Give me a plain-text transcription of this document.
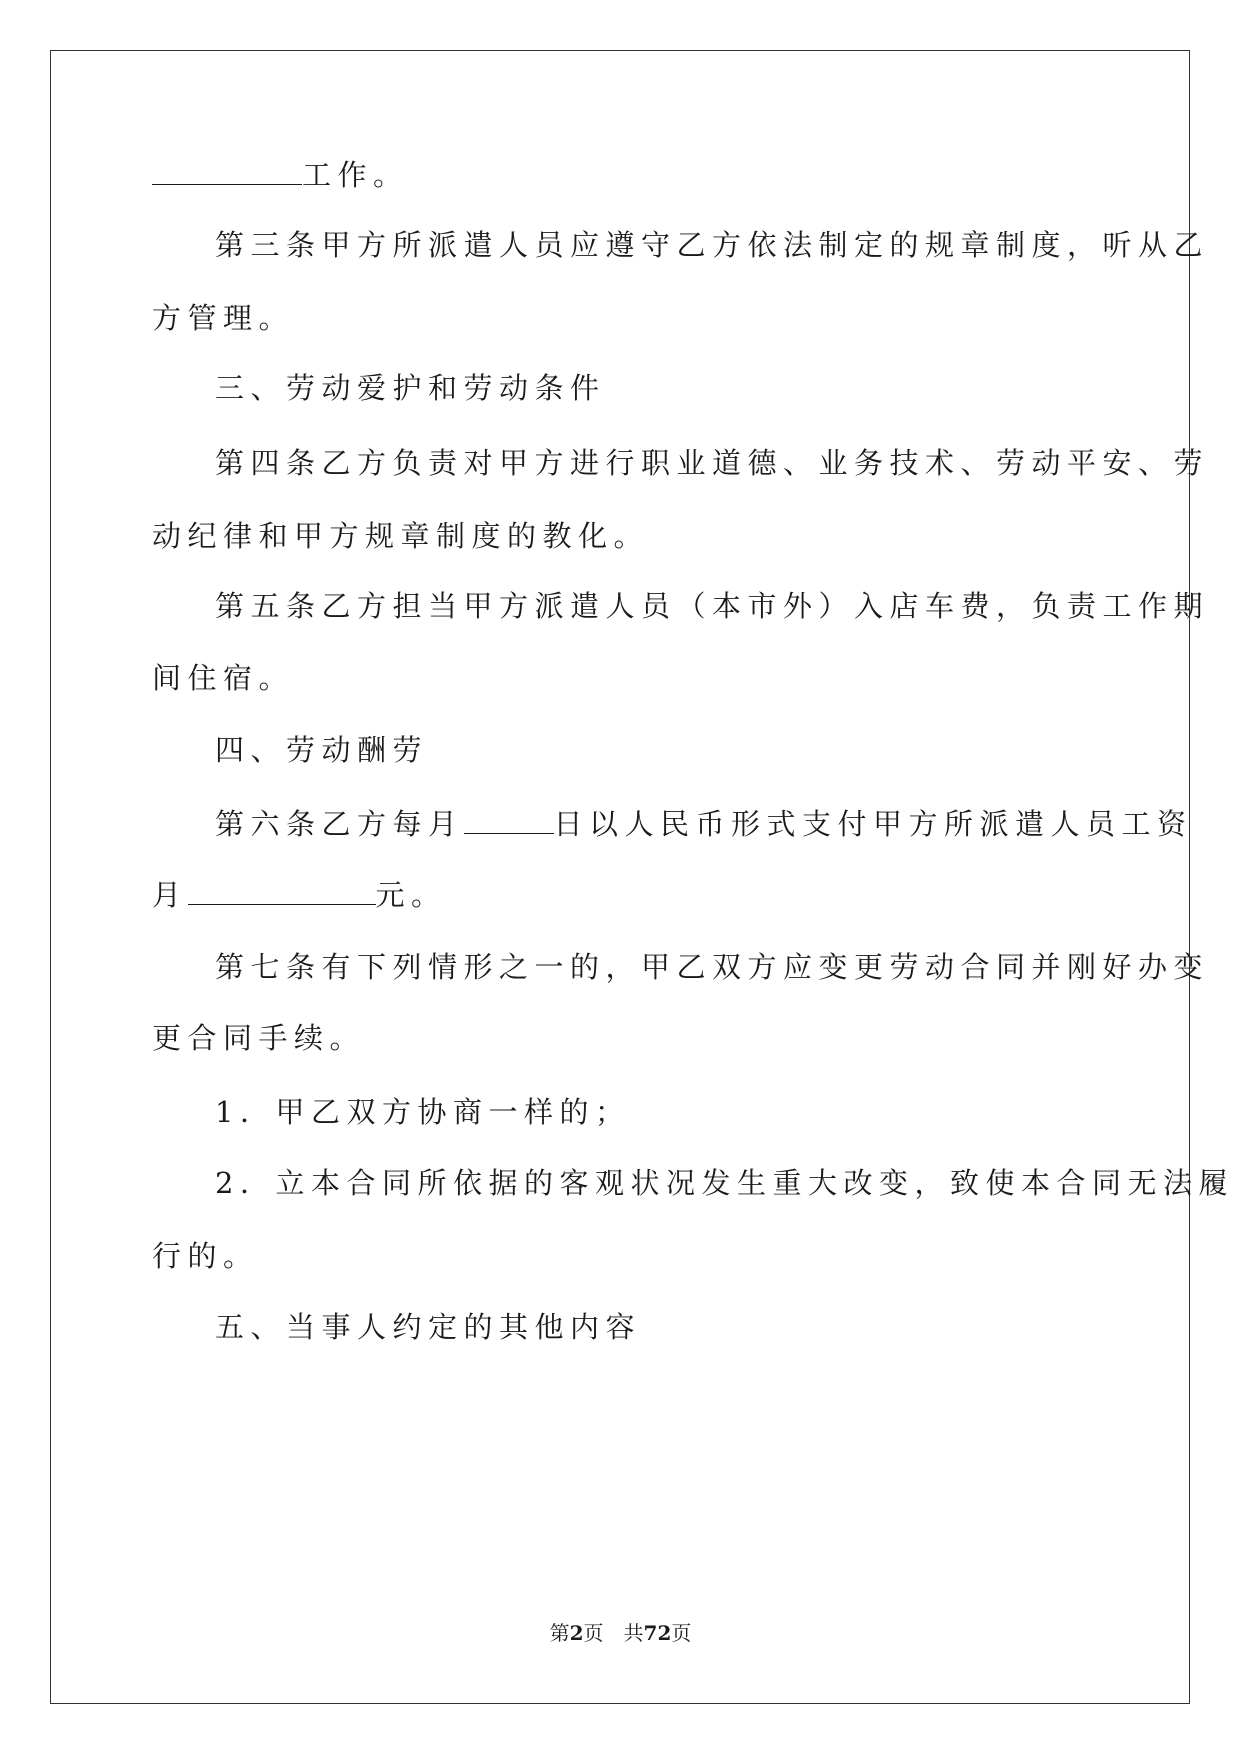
工作。
第三条甲方所派遣人员应遵守乙方依法制定的规章制度，听从乙
方管理。
三、劳动爱护和劳动条件
第四条乙方负责对甲方进行职业道德、业务技术、劳动平安、劳
动纪律和甲方规章制度的教化。
第五条乙方担当甲方派遣人员（本市外）入店车费，负责工作期
间住宿。
四、劳动酬劳
第六条乙方每月	日以人民币形式支付甲方所派遣人员工资
月	元。
第七条有下列情形之一的，甲乙双方应变更劳动合同并刚好办变
更合同手续。
1．甲乙双方协商一样的；
2．立本合同所依据的客观状况发生重大改变，致使本合同无法履
行的。
五、当事人约定的其他内容
第2页　共72页
